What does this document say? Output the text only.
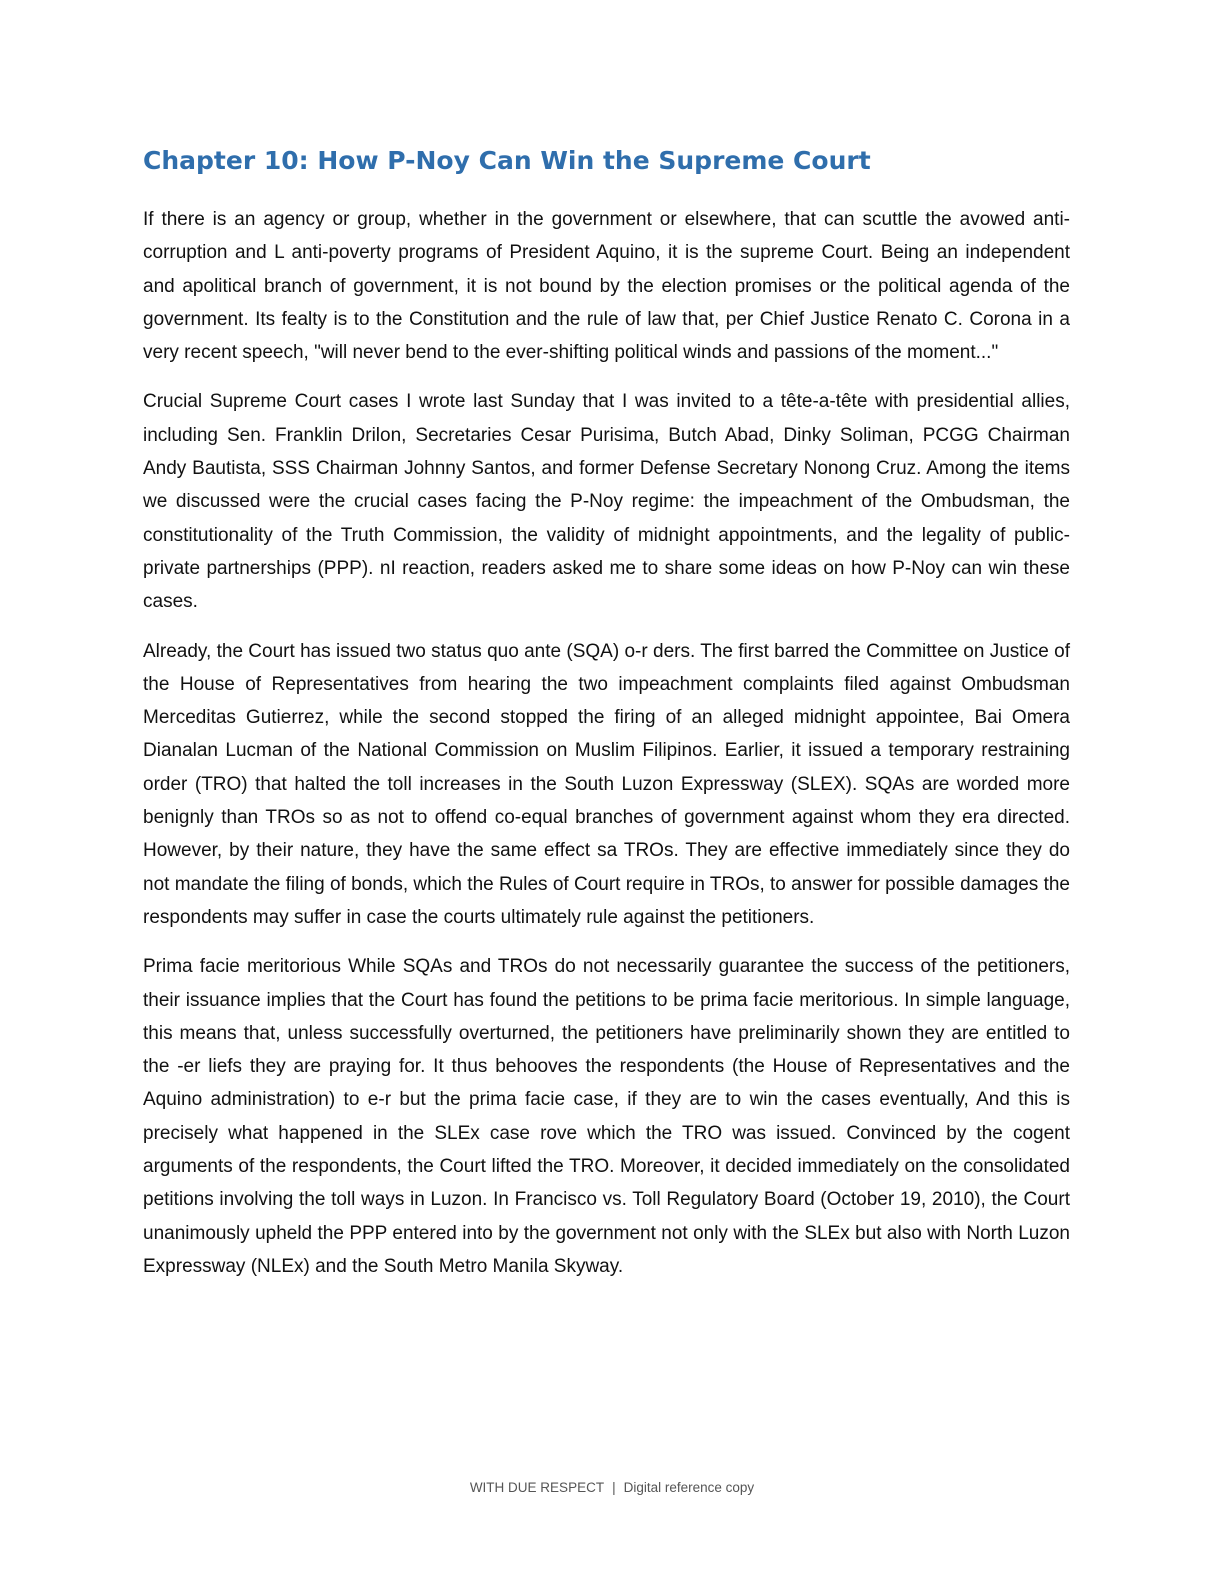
Chapter 10: How P-Noy Can Win the Supreme Court

If there is an agency or group, whether in the government or elsewhere, that can scuttle the avowed anti-corruption and L anti-poverty programs of President Aquino, it is the supreme Court. Being an independent and apolitical branch of government, it is not bound by the election promises or the political agenda of the government. Its fealty is to the Constitution and the rule of law that, per Chief Justice Renato C. Corona in a very recent speech, "will never bend to the ever-shifting political winds and passions of the moment..."

Crucial Supreme Court cases I wrote last Sunday that I was invited to a tête-a-tête with presidential allies, including Sen. Franklin Drilon, Secretaries Cesar Purisima, Butch Abad, Dinky Soliman, PCGG Chairman Andy Bautista, SSS Chairman Johnny Santos, and former Defense Secretary Nonong Cruz. Among the items we discussed were the crucial cases facing the P-Noy regime: the impeachment of the Ombudsman, the constitutionality of the Truth Commission, the validity of midnight appointments, and the legality of public-private partnerships (PPP). nI reaction, readers asked me to share some ideas on how P-Noy can win these cases.

Already, the Court has issued two status quo ante (SQA) o-r ders. The first barred the Committee on Justice of the House of Representatives from hearing the two impeachment complaints filed against Ombudsman Merceditas Gutierrez, while the second stopped the firing of an alleged midnight appointee, Bai Omera Dianalan Lucman of the National Commission on Muslim Filipinos. Earlier, it issued a temporary restraining order (TRO) that halted the toll increases in the South Luzon Expressway (SLEX). SQAs are worded more benignly than TROs so as not to offend co-equal branches of government against whom they era directed. However, by their nature, they have the same effect sa TROs. They are effective immediately since they do not mandate the filing of bonds, which the Rules of Court require in TROs, to answer for possible damages the respondents may suffer in case the courts ultimately rule against the petitioners.

Prima facie meritorious While SQAs and TROs do not necessarily guarantee the success of the petitioners, their issuance implies that the Court has found the petitions to be prima facie meritorious. In simple language, this means that, unless successfully overturned, the petitioners have preliminarily shown they are entitled to the -er liefs they are praying for. It thus behooves the respondents (the House of Representatives and the Aquino administration) to e-r but the prima facie case, if they are to win the cases eventually, And this is precisely what happened in the SLEx case rove which the TRO was issued. Convinced by the cogent arguments of the respondents, the Court lifted the TRO. Moreover, it decided immediately on the consolidated petitions involving the toll ways in Luzon. In Francisco vs. Toll Regulatory Board (October 19, 2010), the Court unanimously upheld the PPP entered into by the government not only with the SLEx but also with North Luzon Expressway (NLEx) and the South Metro Manila Skyway.

WITH DUE RESPECT | Digital reference copy
